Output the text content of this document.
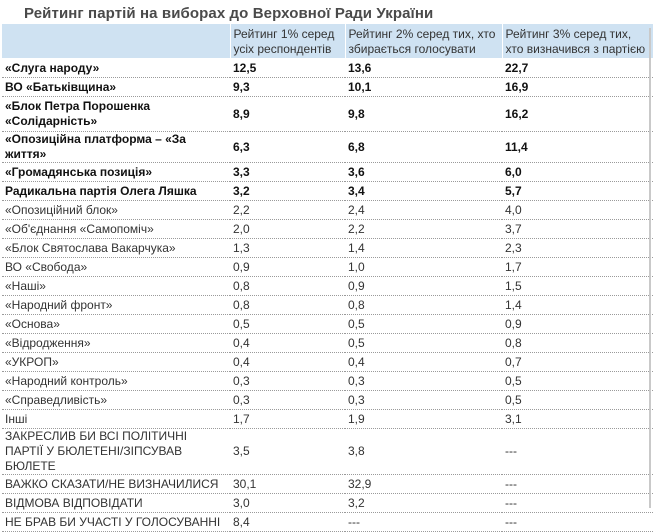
Рейтинг партій на виборах до Верховної Ради України
	Рейтинг 1% серед усіх респондентів	Рейтинг 2% серед тих, хто збирається голосувати	Рейтинг 3% серед тих, хто визначився з партією
«Слуга народу»	12,5	13,6	22,7
ВО «Батьківщина»	9,3	10,1	16,9
«Блок Петра Порошенка «Солідарність»	8,9	9,8	16,2
«Опозиційна платформа – «За життя»	6,3	6,8	11,4
«Громадянська позиція»	3,3	3,6	6,0
Радикальна партія Олега Ляшка	3,2	3,4	5,7
«Опозиційний блок»	2,2	2,4	4,0
«Об'єднання «Самопоміч»	2,0	2,2	3,7
«Блок Святослава Вакарчука»	1,3	1,4	2,3
ВО «Свобода»	0,9	1,0	1,7
«Наші»	0,8	0,9	1,5
«Народний фронт»	0,8	0,8	1,4
«Основа»	0,5	0,5	0,9
«Відродження»	0,4	0,5	0,8
«УКРОП»	0,4	0,4	0,7
«Народний контроль»	0,3	0,3	0,5
«Справедливість»	0,3	0,3	0,5
Інші	1,7	1,9	3,1
ЗАКРЕСЛИВ БИ ВСІ ПОЛІТИЧНІ ПАРТІЇ У БЮЛЕТЕНІ/ЗІПСУВАВ БЮЛЕТЕ	3,5	3,8	---
ВАЖКО СКАЗАТИ/НЕ ВИЗНАЧИЛИСЯ	30,1	32,9	---
ВІДМОВА ВІДПОВІДАТИ	3,0	3,2	---
НЕ БРАВ БИ УЧАСТІ У ГОЛОСУВАННІ	8,4	---	---
